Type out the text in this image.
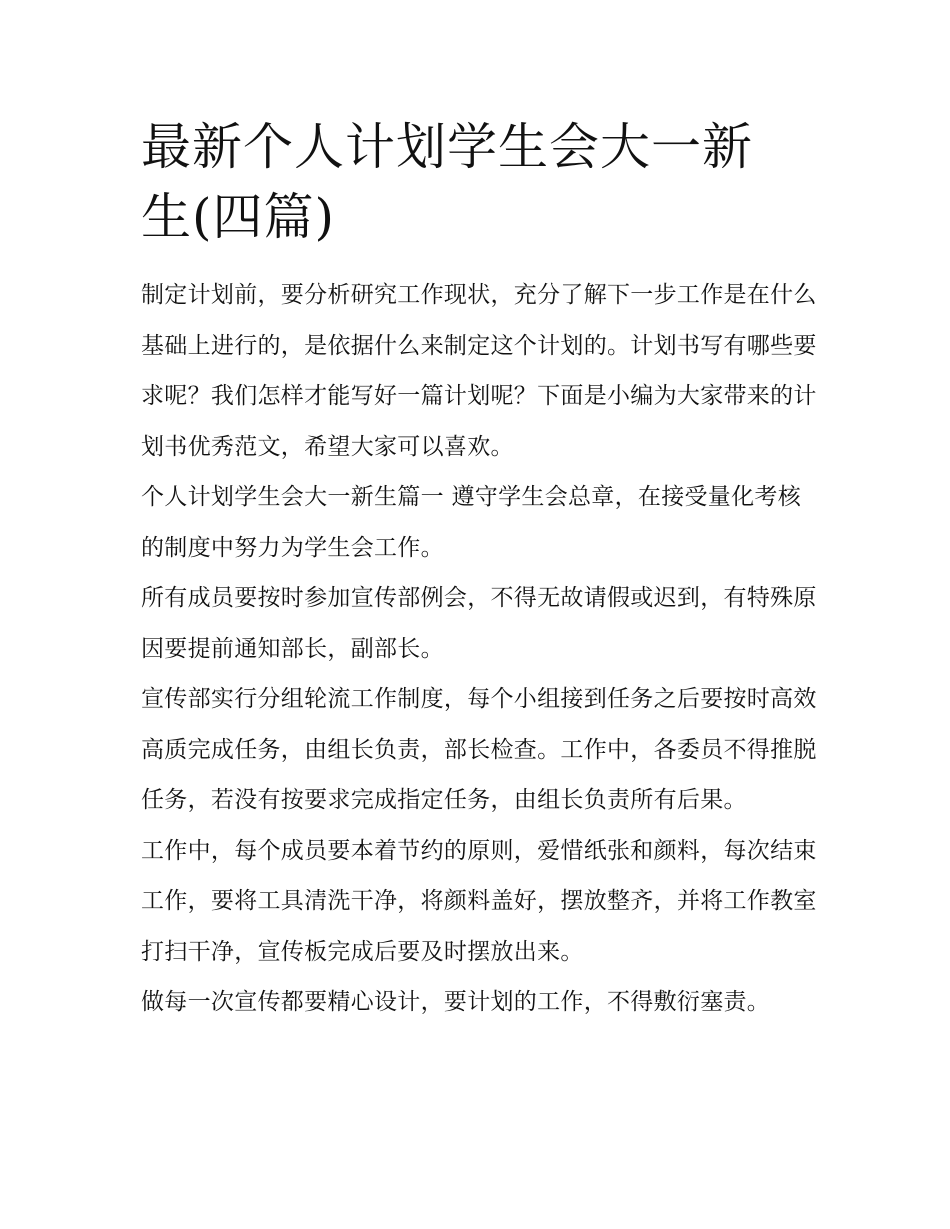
最新个人计划学生会大一新生(四篇)

制定计划前，要分析研究工作现状，充分了解下一步工作是在什么基础上进行的，是依据什么来制定这个计划的。计划书写有哪些要求呢？我们怎样才能写好一篇计划呢？下面是小编为大家带来的计划书优秀范文，希望大家可以喜欢。

个人计划学生会大一新生篇一 遵守学生会总章，在接受量化考核的制度中努力为学生会工作。

所有成员要按时参加宣传部例会，不得无故请假或迟到，有特殊原因要提前通知部长，副部长。

宣传部实行分组轮流工作制度，每个小组接到任务之后要按时高效高质完成任务，由组长负责，部长检查。工作中，各委员不得推脱任务，若没有按要求完成指定任务，由组长负责所有后果。

工作中，每个成员要本着节约的原则，爱惜纸张和颜料，每次结束工作，要将工具清洗干净，将颜料盖好，摆放整齐，并将工作教室打扫干净，宣传板完成后要及时摆放出来。

做每一次宣传都要精心设计，要计划的工作，不得敷衍塞责。
